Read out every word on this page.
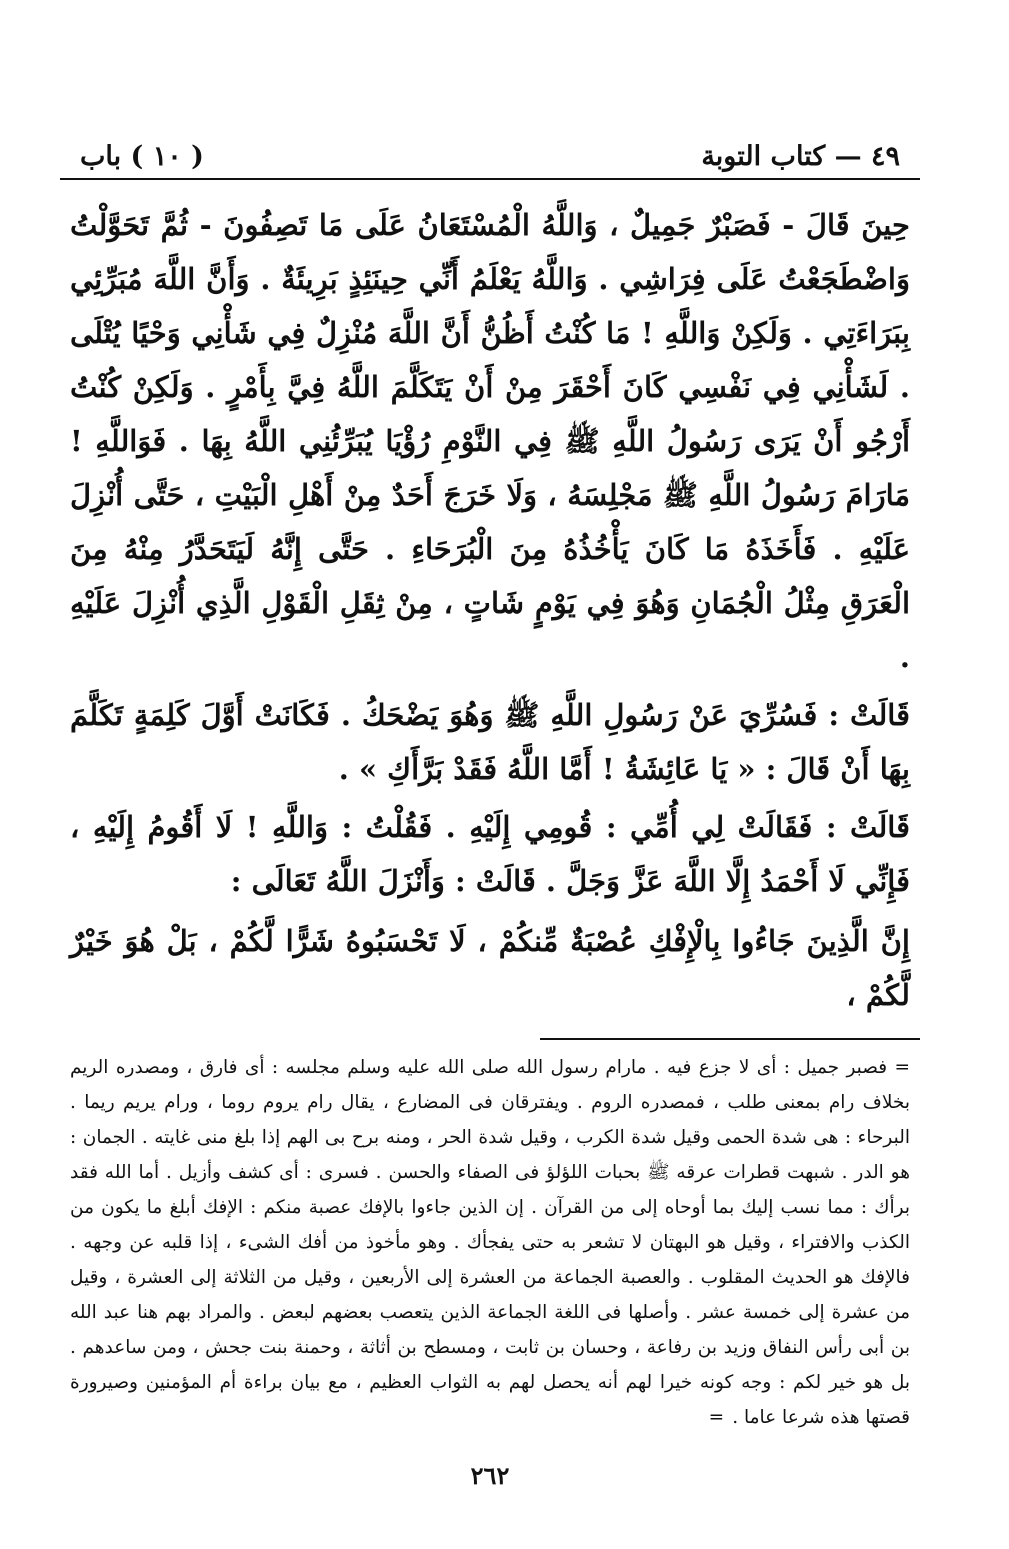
٤٩ — كتاب التوبة
( ١٠ ) باب

حِينَ قَالَ - فَصَبْرٌ جَمِيلٌ ، وَاللَّهُ الْمُسْتَعَانُ عَلَى مَا تَصِفُونَ - ثُمَّ تَحَوَّلْتُ وَاضْطَجَعْتُ عَلَى فِرَاشِي . وَاللَّهُ يَعْلَمُ أَنِّي حِينَئِذٍ بَرِيئَةٌ . وَأَنَّ اللَّهَ مُبَرِّئِي بِبَرَاءَتِي . وَلَكِنْ وَاللَّهِ ! مَا كُنْتُ أَظُنُّ أَنَّ اللَّهَ مُنْزِلٌ فِي شَأْنِي وَحْيًا يُتْلَى . لَشَأْنِي فِي نَفْسِي كَانَ أَحْقَرَ مِنْ أَنْ يَتَكَلَّمَ اللَّهُ فِيَّ بِأَمْرٍ . وَلَكِنْ كُنْتُ أَرْجُو أَنْ يَرَى رَسُولُ اللَّهِ ﷺ فِي النَّوْمِ رُؤْيَا يُبَرِّئُنِي اللَّهُ بِهَا . فَوَاللَّهِ ! مَارَامَ رَسُولُ اللَّهِ ﷺ مَجْلِسَهُ ، وَلَا خَرَجَ أَحَدٌ مِنْ أَهْلِ الْبَيْتِ ، حَتَّى أُنْزِلَ عَلَيْهِ . فَأَخَذَهُ مَا كَانَ يَأْخُذُهُ مِنَ الْبُرَحَاءِ . حَتَّى إِنَّهُ لَيَتَحَدَّرُ مِنْهُ مِنَ الْعَرَقِ مِثْلُ الْجُمَانِ وَهُوَ فِي يَوْمٍ شَاتٍ ، مِنْ ثِقَلِ الْقَوْلِ الَّذِي أُنْزِلَ عَلَيْهِ .

قَالَتْ : فَسُرِّيَ عَنْ رَسُولِ اللَّهِ ﷺ وَهُوَ يَضْحَكُ . فَكَانَتْ أَوَّلَ كَلِمَةٍ تَكَلَّمَ بِهَا أَنْ قَالَ : « يَا عَائِشَةُ ! أَمَّا اللَّهُ فَقَدْ بَرَّأَكِ » .

قَالَتْ : فَقَالَتْ لِي أُمِّي : قُومِي إِلَيْهِ . فَقُلْتُ : وَاللَّهِ ! لَا أَقُومُ إِلَيْهِ ، فَإِنِّي لَا أَحْمَدُ إِلَّا اللَّهَ عَزَّ وَجَلَّ . قَالَتْ : وَأَنْزَلَ اللَّهُ تَعَالَى :

إِنَّ الَّذِينَ جَاءُوا بِالْإِفْكِ عُصْبَةٌ مِّنكُمْ ، لَا تَحْسَبُوهُ شَرًّا لَّكُمْ ، بَلْ هُوَ خَيْرٌ لَّكُمْ ،

= فصبر جميل : أى لا جزع فيه . مارام رسول الله صلى الله عليه وسلم مجلسه : أى فارق ، ومصدره الريم بخلاف رام بمعنى طلب ، فمصدره الروم . ويفترقان فى المضارع ، يقال رام يروم روما ، ورام يريم ريما . البرحاء : هى شدة الحمى وقيل شدة الكرب ، وقيل شدة الحر ، ومنه برح بى الهم إذا بلغ منى غايته . الجمان : هو الدر . شبهت قطرات عرقه ﷺ بحبات اللؤلؤ فى الصفاء والحسن . فسرى : أى كشف وأزيل . أما الله فقد برأك : مما نسب إليك بما أوحاه إلى من القرآن . إن الذين جاءوا بالإفك عصبة منكم : الإفك أبلغ ما يكون من الكذب والافتراء ، وقيل هو البهتان لا تشعر به حتى يفجأك . وهو مأخوذ من أفك الشىء ، إذا قلبه عن وجهه . فالإفك هو الحديث المقلوب . والعصبة الجماعة من العشرة إلى الأربعين ، وقيل من الثلاثة إلى العشرة ، وقيل من عشرة إلى خمسة عشر . وأصلها فى اللغة الجماعة الذين يتعصب بعضهم لبعض . والمراد بهم هنا عبد الله بن أبى رأس النفاق وزيد بن رفاعة ، وحسان بن ثابت ، ومسطح بن أثاثة ، وحمنة بنت جحش ، ومن ساعدهم . بل هو خير لكم : وجه كونه خيرا لهم أنه يحصل لهم به الثواب العظيم ، مع بيان براءة أم المؤمنين وصيرورة قصتها هذه شرعا عاما .=

٢٦٢
